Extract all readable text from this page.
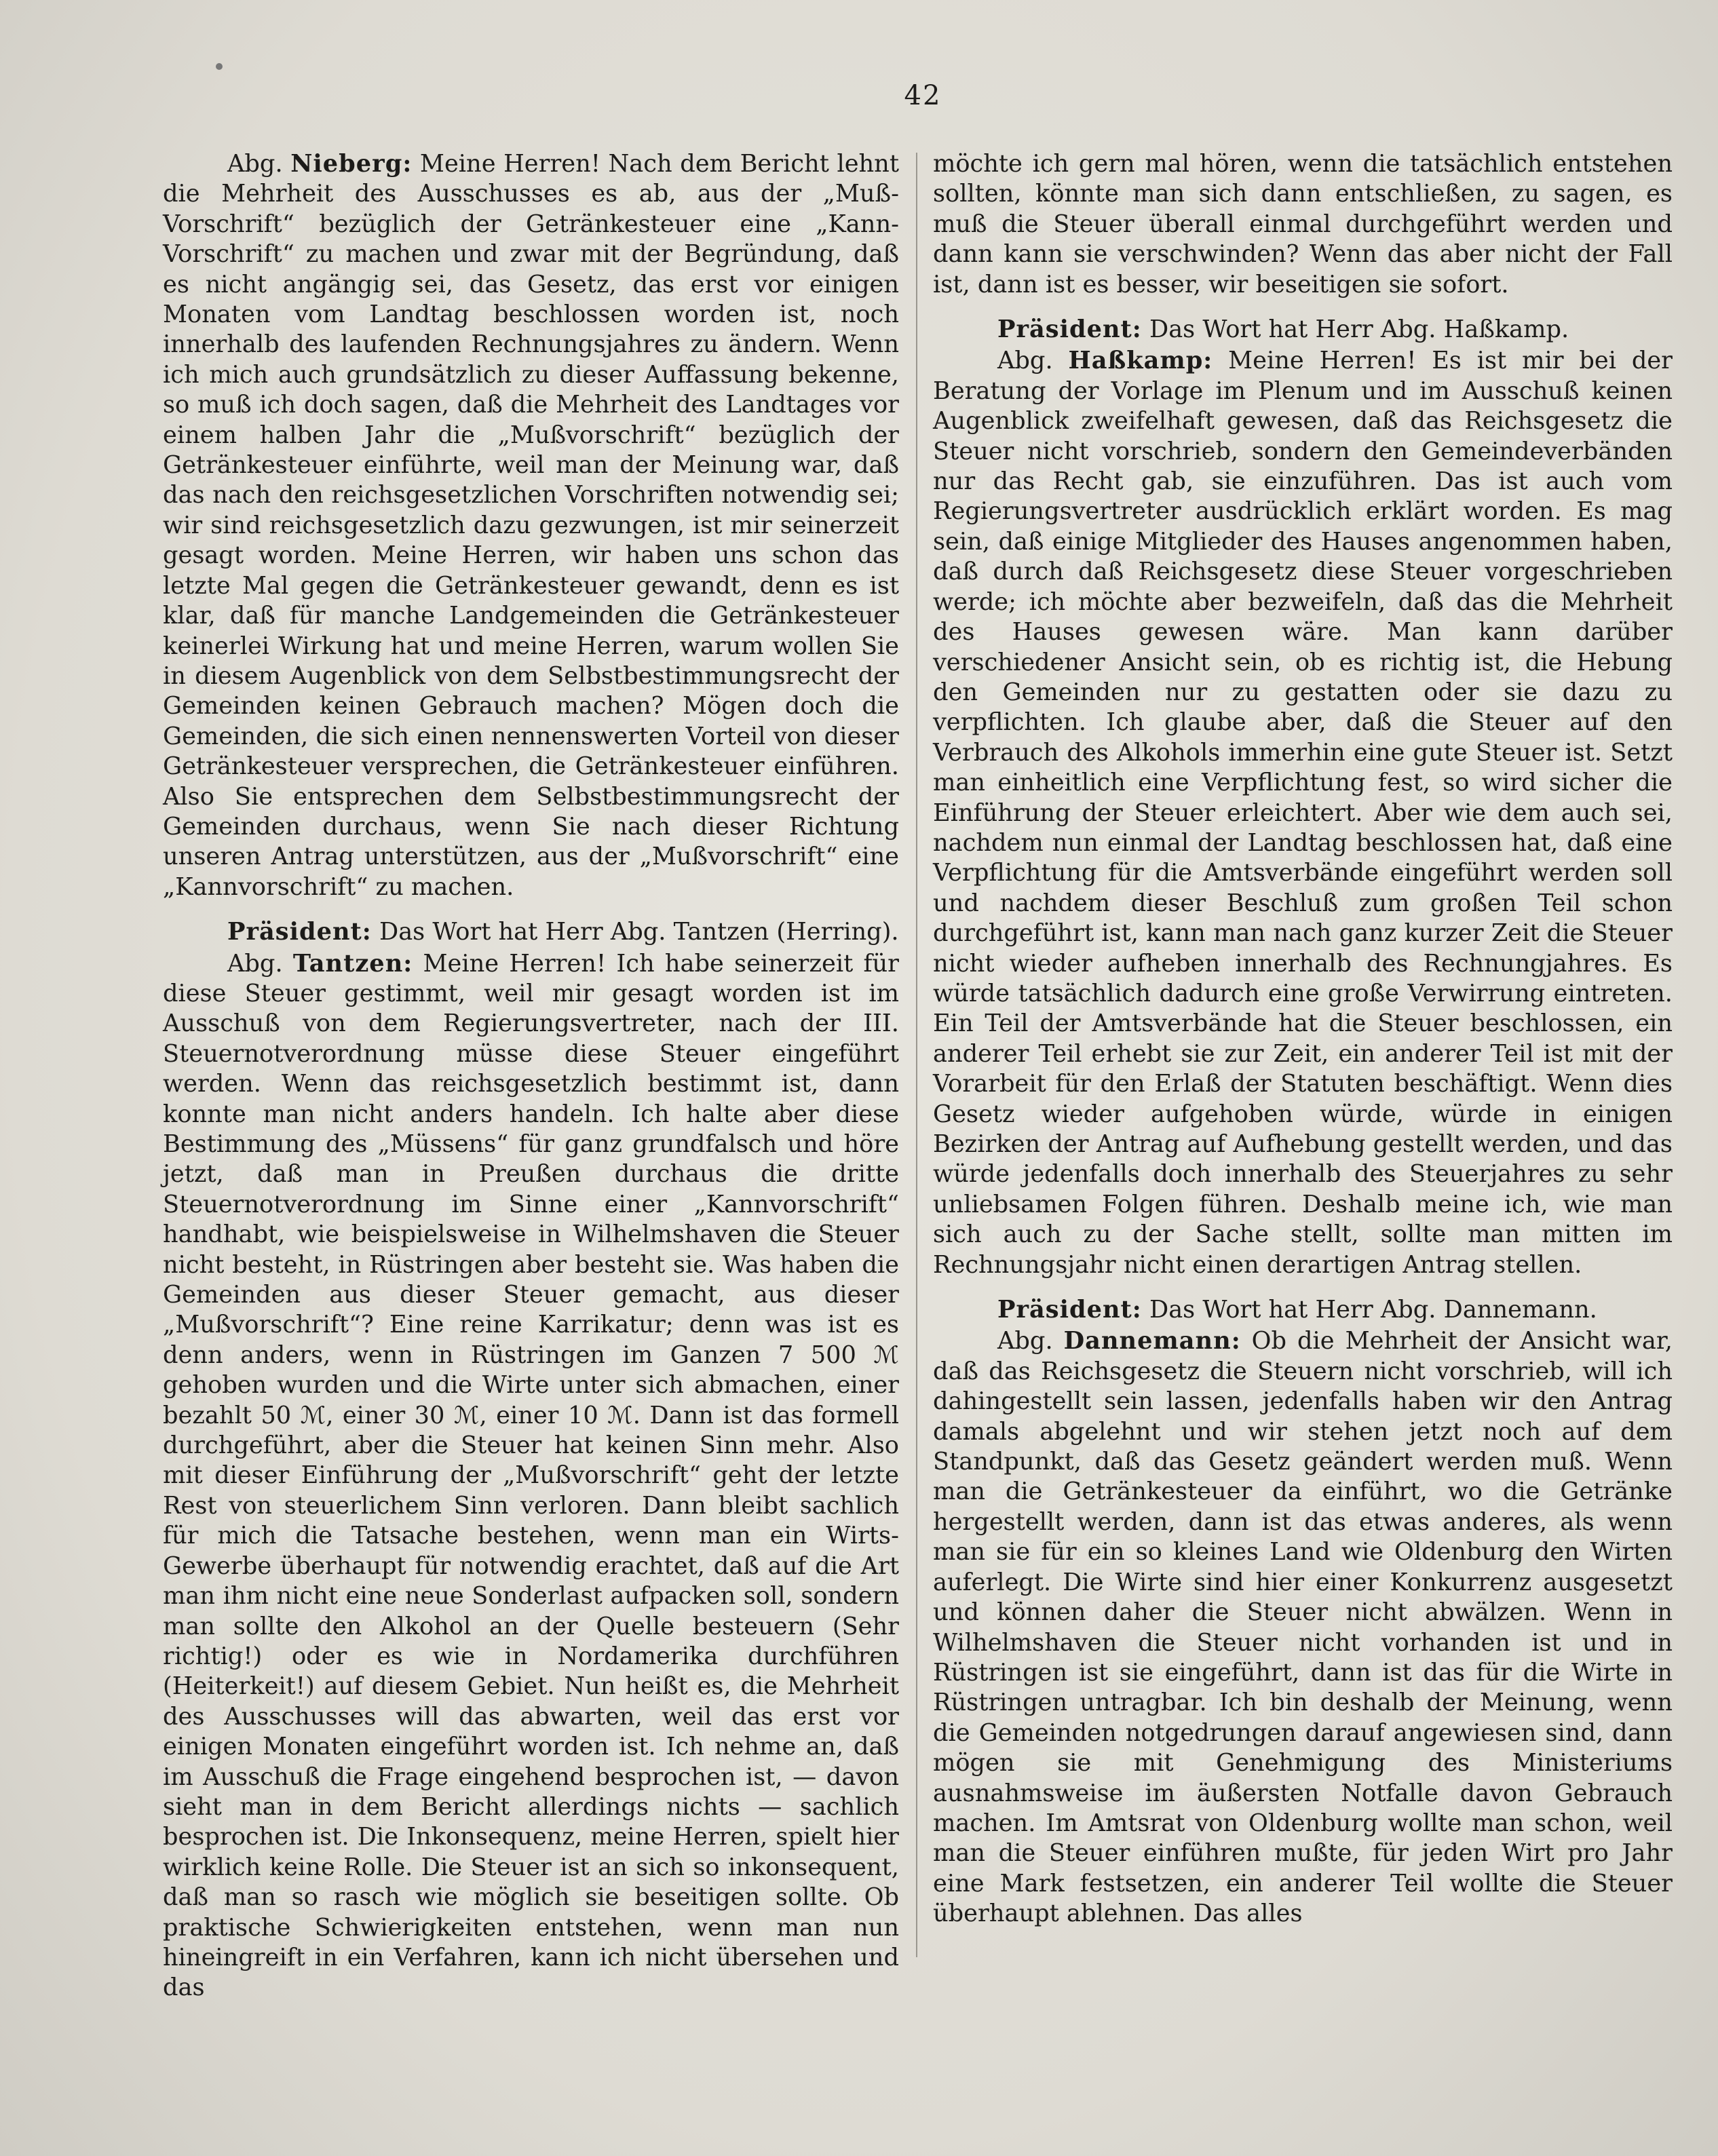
42

Abg. Nieberg: Meine Herren! Nach dem Bericht lehnt die Mehrheit des Ausschusses es ab, aus der „Muß-Vorschrift“ bezüglich der Getränkesteuer eine „Kann-Vorschrift“ zu machen und zwar mit der Begründung, daß es nicht angängig sei, das Gesetz, das erst vor einigen Monaten vom Landtag beschlossen worden ist, noch innerhalb des laufenden Rechnungsjahres zu ändern. Wenn ich mich auch grundsätzlich zu dieser Auffassung bekenne, so muß ich doch sagen, daß die Mehrheit des Landtages vor einem halben Jahr die „Mußvorschrift“ bezüglich der Getränkesteuer einführte, weil man der Meinung war, daß das nach den reichsgesetzlichen Vorschriften notwendig sei; wir sind reichsgesetzlich dazu gezwungen, ist mir seinerzeit gesagt worden. Meine Herren, wir haben uns schon das letzte Mal gegen die Getränkesteuer gewandt, denn es ist klar, daß für manche Landgemeinden die Getränkesteuer keinerlei Wirkung hat und meine Herren, warum wollen Sie in diesem Augenblick von dem Selbstbestimmungsrecht der Gemeinden keinen Gebrauch machen? Mögen doch die Gemeinden, die sich einen nennenswerten Vorteil von dieser Getränkesteuer versprechen, die Getränkesteuer einführen. Also Sie entsprechen dem Selbstbestimmungsrecht der Gemeinden durchaus, wenn Sie nach dieser Richtung unseren Antrag unterstützen, aus der „Mußvorschrift“ eine „Kannvorschrift“ zu machen.

Präsident: Das Wort hat Herr Abg. Tantzen (Herring).

Abg. Tantzen: Meine Herren! Ich habe seinerzeit für diese Steuer gestimmt, weil mir gesagt worden ist im Ausschuß von dem Regierungsvertreter, nach der III. Steuernotverordnung müsse diese Steuer eingeführt werden. Wenn das reichsgesetzlich bestimmt ist, dann konnte man nicht anders handeln. Ich halte aber diese Bestimmung des „Müssens“ für ganz grundfalsch und höre jetzt, daß man in Preußen durchaus die dritte Steuernotverordnung im Sinne einer „Kannvorschrift“ handhabt, wie beispielsweise in Wilhelmshaven die Steuer nicht besteht, in Rüstringen aber besteht sie. Was haben die Gemeinden aus dieser Steuer gemacht, aus dieser „Mußvorschrift“? Eine reine Karrikatur; denn was ist es denn anders, wenn in Rüstringen im Ganzen 7 500 ℳ gehoben wurden und die Wirte unter sich abmachen, einer bezahlt 50 ℳ, einer 30 ℳ, einer 10 ℳ. Dann ist das formell durchgeführt, aber die Steuer hat keinen Sinn mehr. Also mit dieser Einführung der „Mußvorschrift“ geht der letzte Rest von steuerlichem Sinn verloren. Dann bleibt sachlich für mich die Tatsache bestehen, wenn man ein Wirts-Gewerbe überhaupt für notwendig erachtet, daß auf die Art man ihm nicht eine neue Sonderlast aufpacken soll, sondern man sollte den Alkohol an der Quelle besteuern (Sehr richtig!) oder es wie in Nordamerika durchführen (Heiterkeit!) auf diesem Gebiet. Nun heißt es, die Mehrheit des Ausschusses will das abwarten, weil das erst vor einigen Monaten eingeführt worden ist. Ich nehme an, daß im Ausschuß die Frage eingehend besprochen ist, — davon sieht man in dem Bericht allerdings nichts — sachlich besprochen ist. Die Inkonsequenz, meine Herren, spielt hier wirklich keine Rolle. Die Steuer ist an sich so inkonsequent, daß man so rasch wie möglich sie beseitigen sollte. Ob praktische Schwierigkeiten entstehen, wenn man nun hineingreift in ein Verfahren, kann ich nicht übersehen und das

möchte ich gern mal hören, wenn die tatsächlich entstehen sollten, könnte man sich dann entschließen, zu sagen, es muß die Steuer überall einmal durchgeführt werden und dann kann sie verschwinden? Wenn das aber nicht der Fall ist, dann ist es besser, wir beseitigen sie sofort.

Präsident: Das Wort hat Herr Abg. Haßkamp.

Abg. Haßkamp: Meine Herren! Es ist mir bei der Beratung der Vorlage im Plenum und im Ausschuß keinen Augenblick zweifelhaft gewesen, daß das Reichsgesetz die Steuer nicht vorschrieb, sondern den Gemeindeverbänden nur das Recht gab, sie einzuführen. Das ist auch vom Regierungsvertreter ausdrücklich erklärt worden. Es mag sein, daß einige Mitglieder des Hauses angenommen haben, daß durch daß Reichsgesetz diese Steuer vorgeschrieben werde; ich möchte aber bezweifeln, daß das die Mehrheit des Hauses gewesen wäre. Man kann darüber verschiedener Ansicht sein, ob es richtig ist, die Hebung den Gemeinden nur zu gestatten oder sie dazu zu verpflichten. Ich glaube aber, daß die Steuer auf den Verbrauch des Alkohols immerhin eine gute Steuer ist. Setzt man einheitlich eine Verpflichtung fest, so wird sicher die Einführung der Steuer erleichtert. Aber wie dem auch sei, nachdem nun einmal der Landtag beschlossen hat, daß eine Verpflichtung für die Amtsverbände eingeführt werden soll und nachdem dieser Beschluß zum großen Teil schon durchgeführt ist, kann man nach ganz kurzer Zeit die Steuer nicht wieder aufheben innerhalb des Rechnungjahres. Es würde tatsächlich dadurch eine große Verwirrung eintreten. Ein Teil der Amtsverbände hat die Steuer beschlossen, ein anderer Teil erhebt sie zur Zeit, ein anderer Teil ist mit der Vorarbeit für den Erlaß der Statuten beschäftigt. Wenn dies Gesetz wieder aufgehoben würde, würde in einigen Bezirken der Antrag auf Aufhebung gestellt werden, und das würde jedenfalls doch innerhalb des Steuerjahres zu sehr unliebsamen Folgen führen. Deshalb meine ich, wie man sich auch zu der Sache stellt, sollte man mitten im Rechnungsjahr nicht einen derartigen Antrag stellen.

Präsident: Das Wort hat Herr Abg. Dannemann.

Abg. Dannemann: Ob die Mehrheit der Ansicht war, daß das Reichsgesetz die Steuern nicht vorschrieb, will ich dahingestellt sein lassen, jedenfalls haben wir den Antrag damals abgelehnt und wir stehen jetzt noch auf dem Standpunkt, daß das Gesetz geändert werden muß. Wenn man die Getränkesteuer da einführt, wo die Getränke hergestellt werden, dann ist das etwas anderes, als wenn man sie für ein so kleines Land wie Oldenburg den Wirten auferlegt. Die Wirte sind hier einer Konkurrenz ausgesetzt und können daher die Steuer nicht abwälzen. Wenn in Wilhelmshaven die Steuer nicht vorhanden ist und in Rüstringen ist sie eingeführt, dann ist das für die Wirte in Rüstringen untragbar. Ich bin deshalb der Meinung, wenn die Gemeinden notgedrungen darauf angewiesen sind, dann mögen sie mit Genehmigung des Ministeriums ausnahmsweise im äußersten Notfalle davon Gebrauch machen. Im Amtsrat von Oldenburg wollte man schon, weil man die Steuer einführen mußte, für jeden Wirt pro Jahr eine Mark festsetzen, ein anderer Teil wollte die Steuer überhaupt ablehnen. Das alles
